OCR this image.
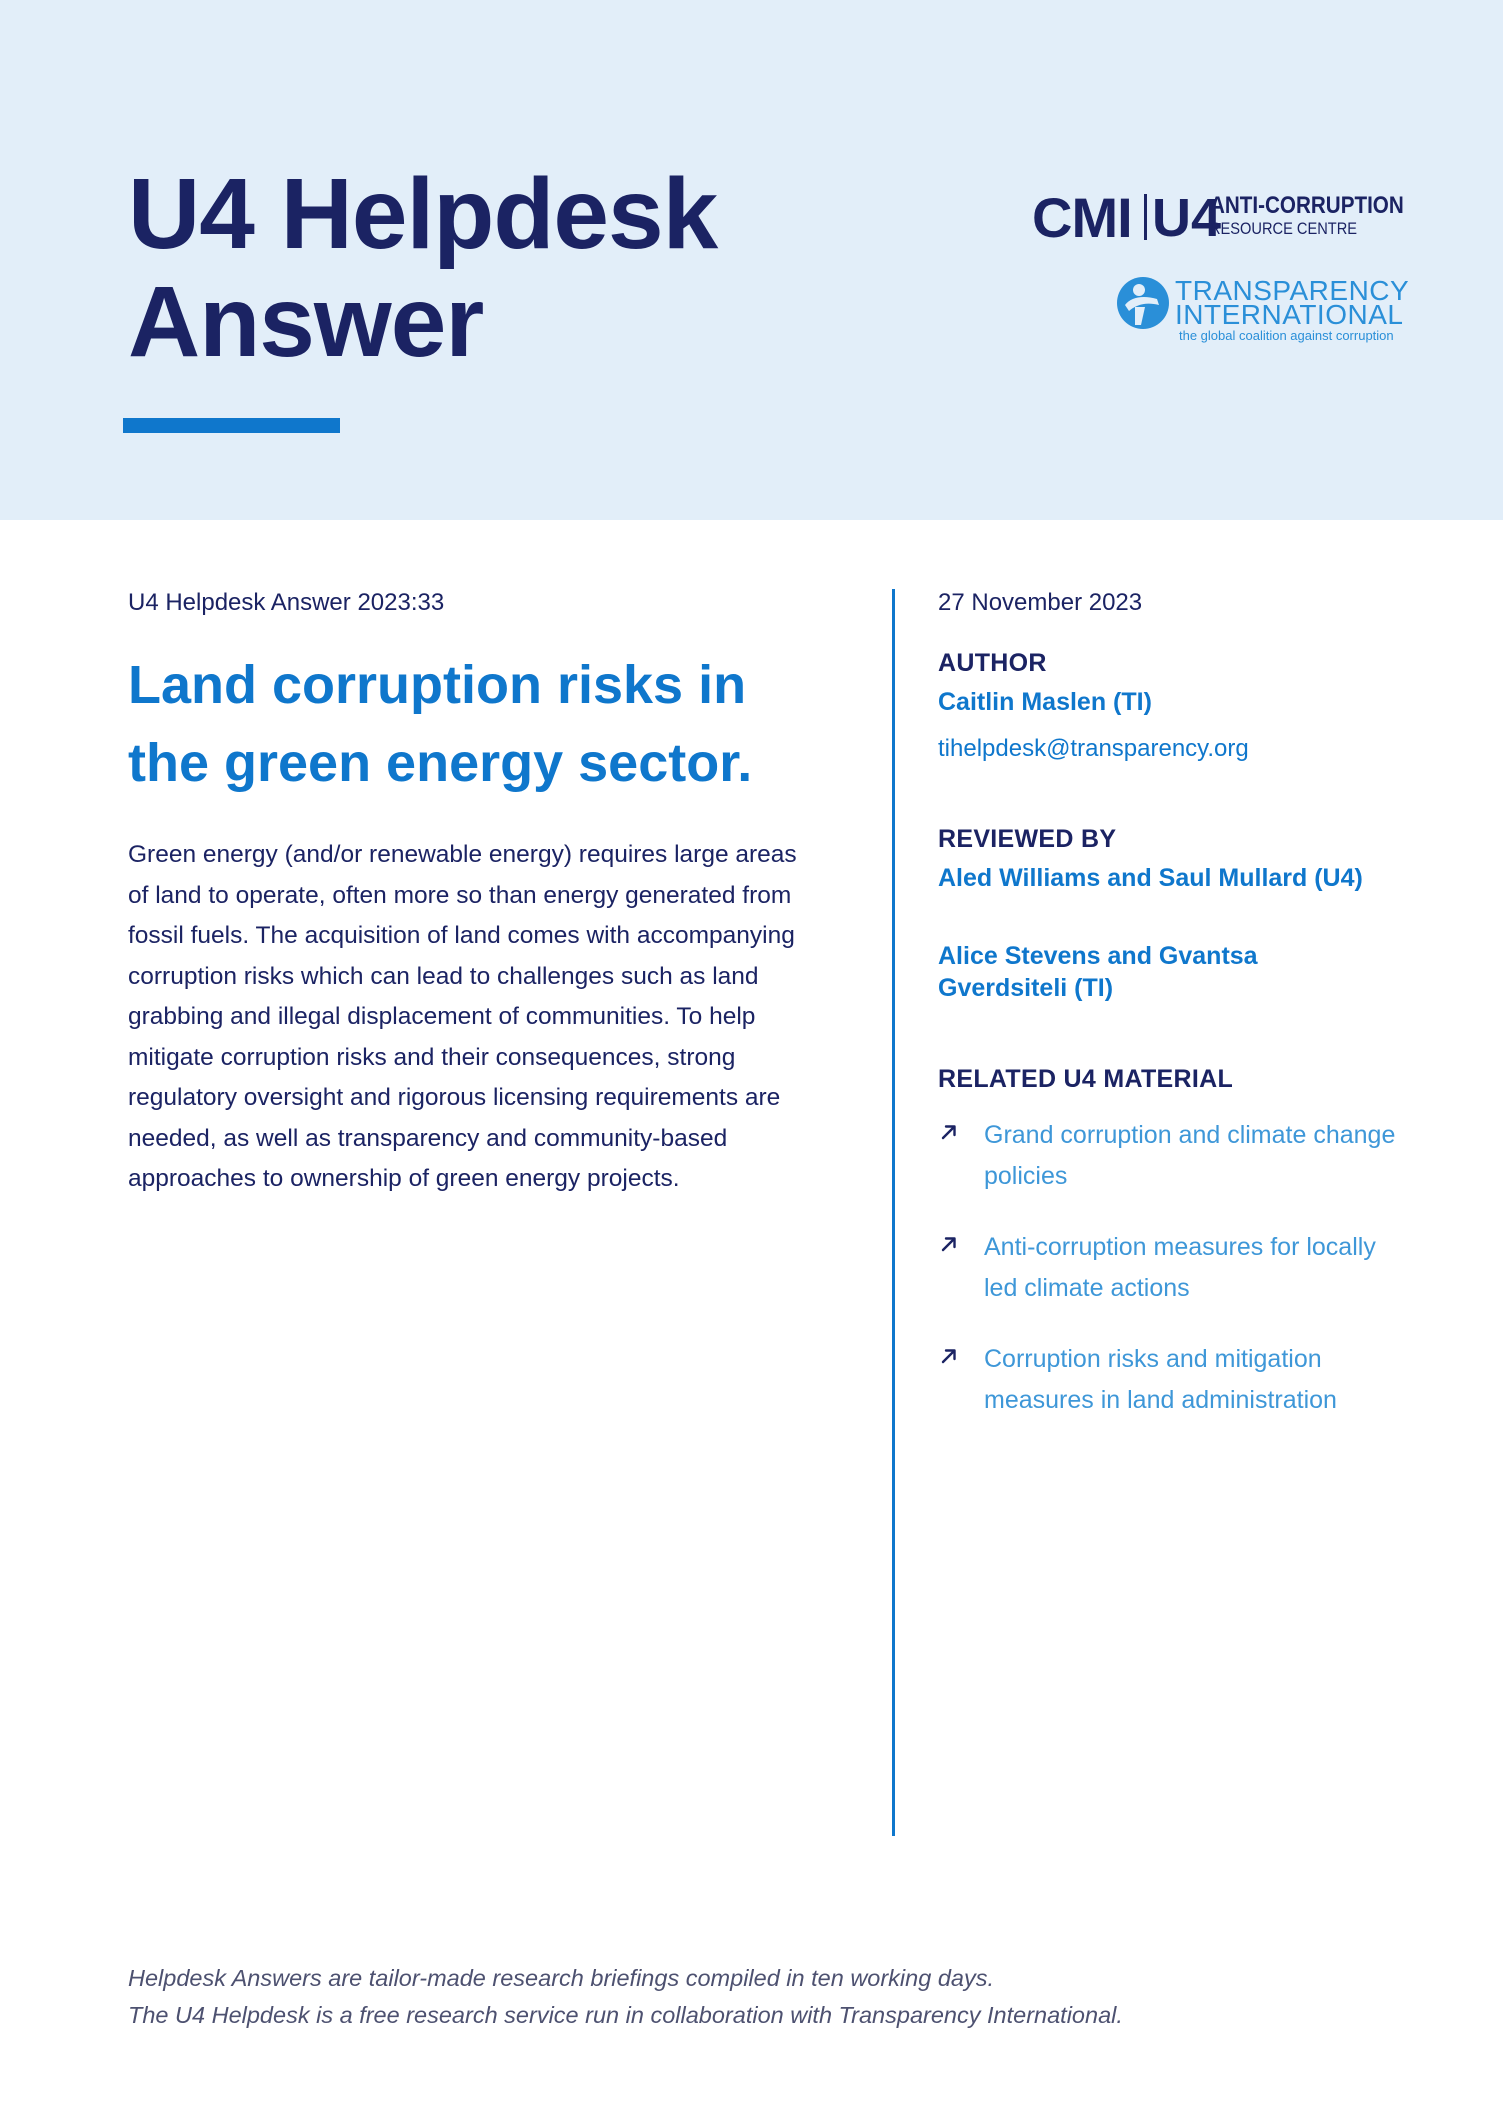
U4 Helpdesk
Answer
CMI U4
ANTI-CORRUPTION
RESOURCE CENTRE
TRANSPARENCY
INTERNATIONAL
the global coalition against corruption
U4 Helpdesk Answer 2023:33
Land corruption risks in
the green energy sector.

Green energy (and/or renewable energy) requires large areas of land to operate, often more so than energy generated from fossil fuels. The acquisition of land comes with accompanying corruption risks which can lead to challenges such as land grabbing and illegal displacement of communities. To help mitigate corruption risks and their consequences, strong regulatory oversight and rigorous licensing requirements are needed, as well as transparency and community-based approaches to ownership of green energy projects.

27 November 2023
AUTHOR
Caitlin Maslen (TI)
tihelpdesk@transparency.org
REVIEWED BY
Aled Williams and Saul Mullard (U4)
Alice Stevens and Gvantsa Gverdsiteli (TI)
RELATED U4 MATERIAL
Grand corruption and climate change policies
Anti-corruption measures for locally led climate actions
Corruption risks and mitigation measures in land administration
Helpdesk Answers are tailor-made research briefings compiled in ten working days.
The U4 Helpdesk is a free research service run in collaboration with Transparency International.
